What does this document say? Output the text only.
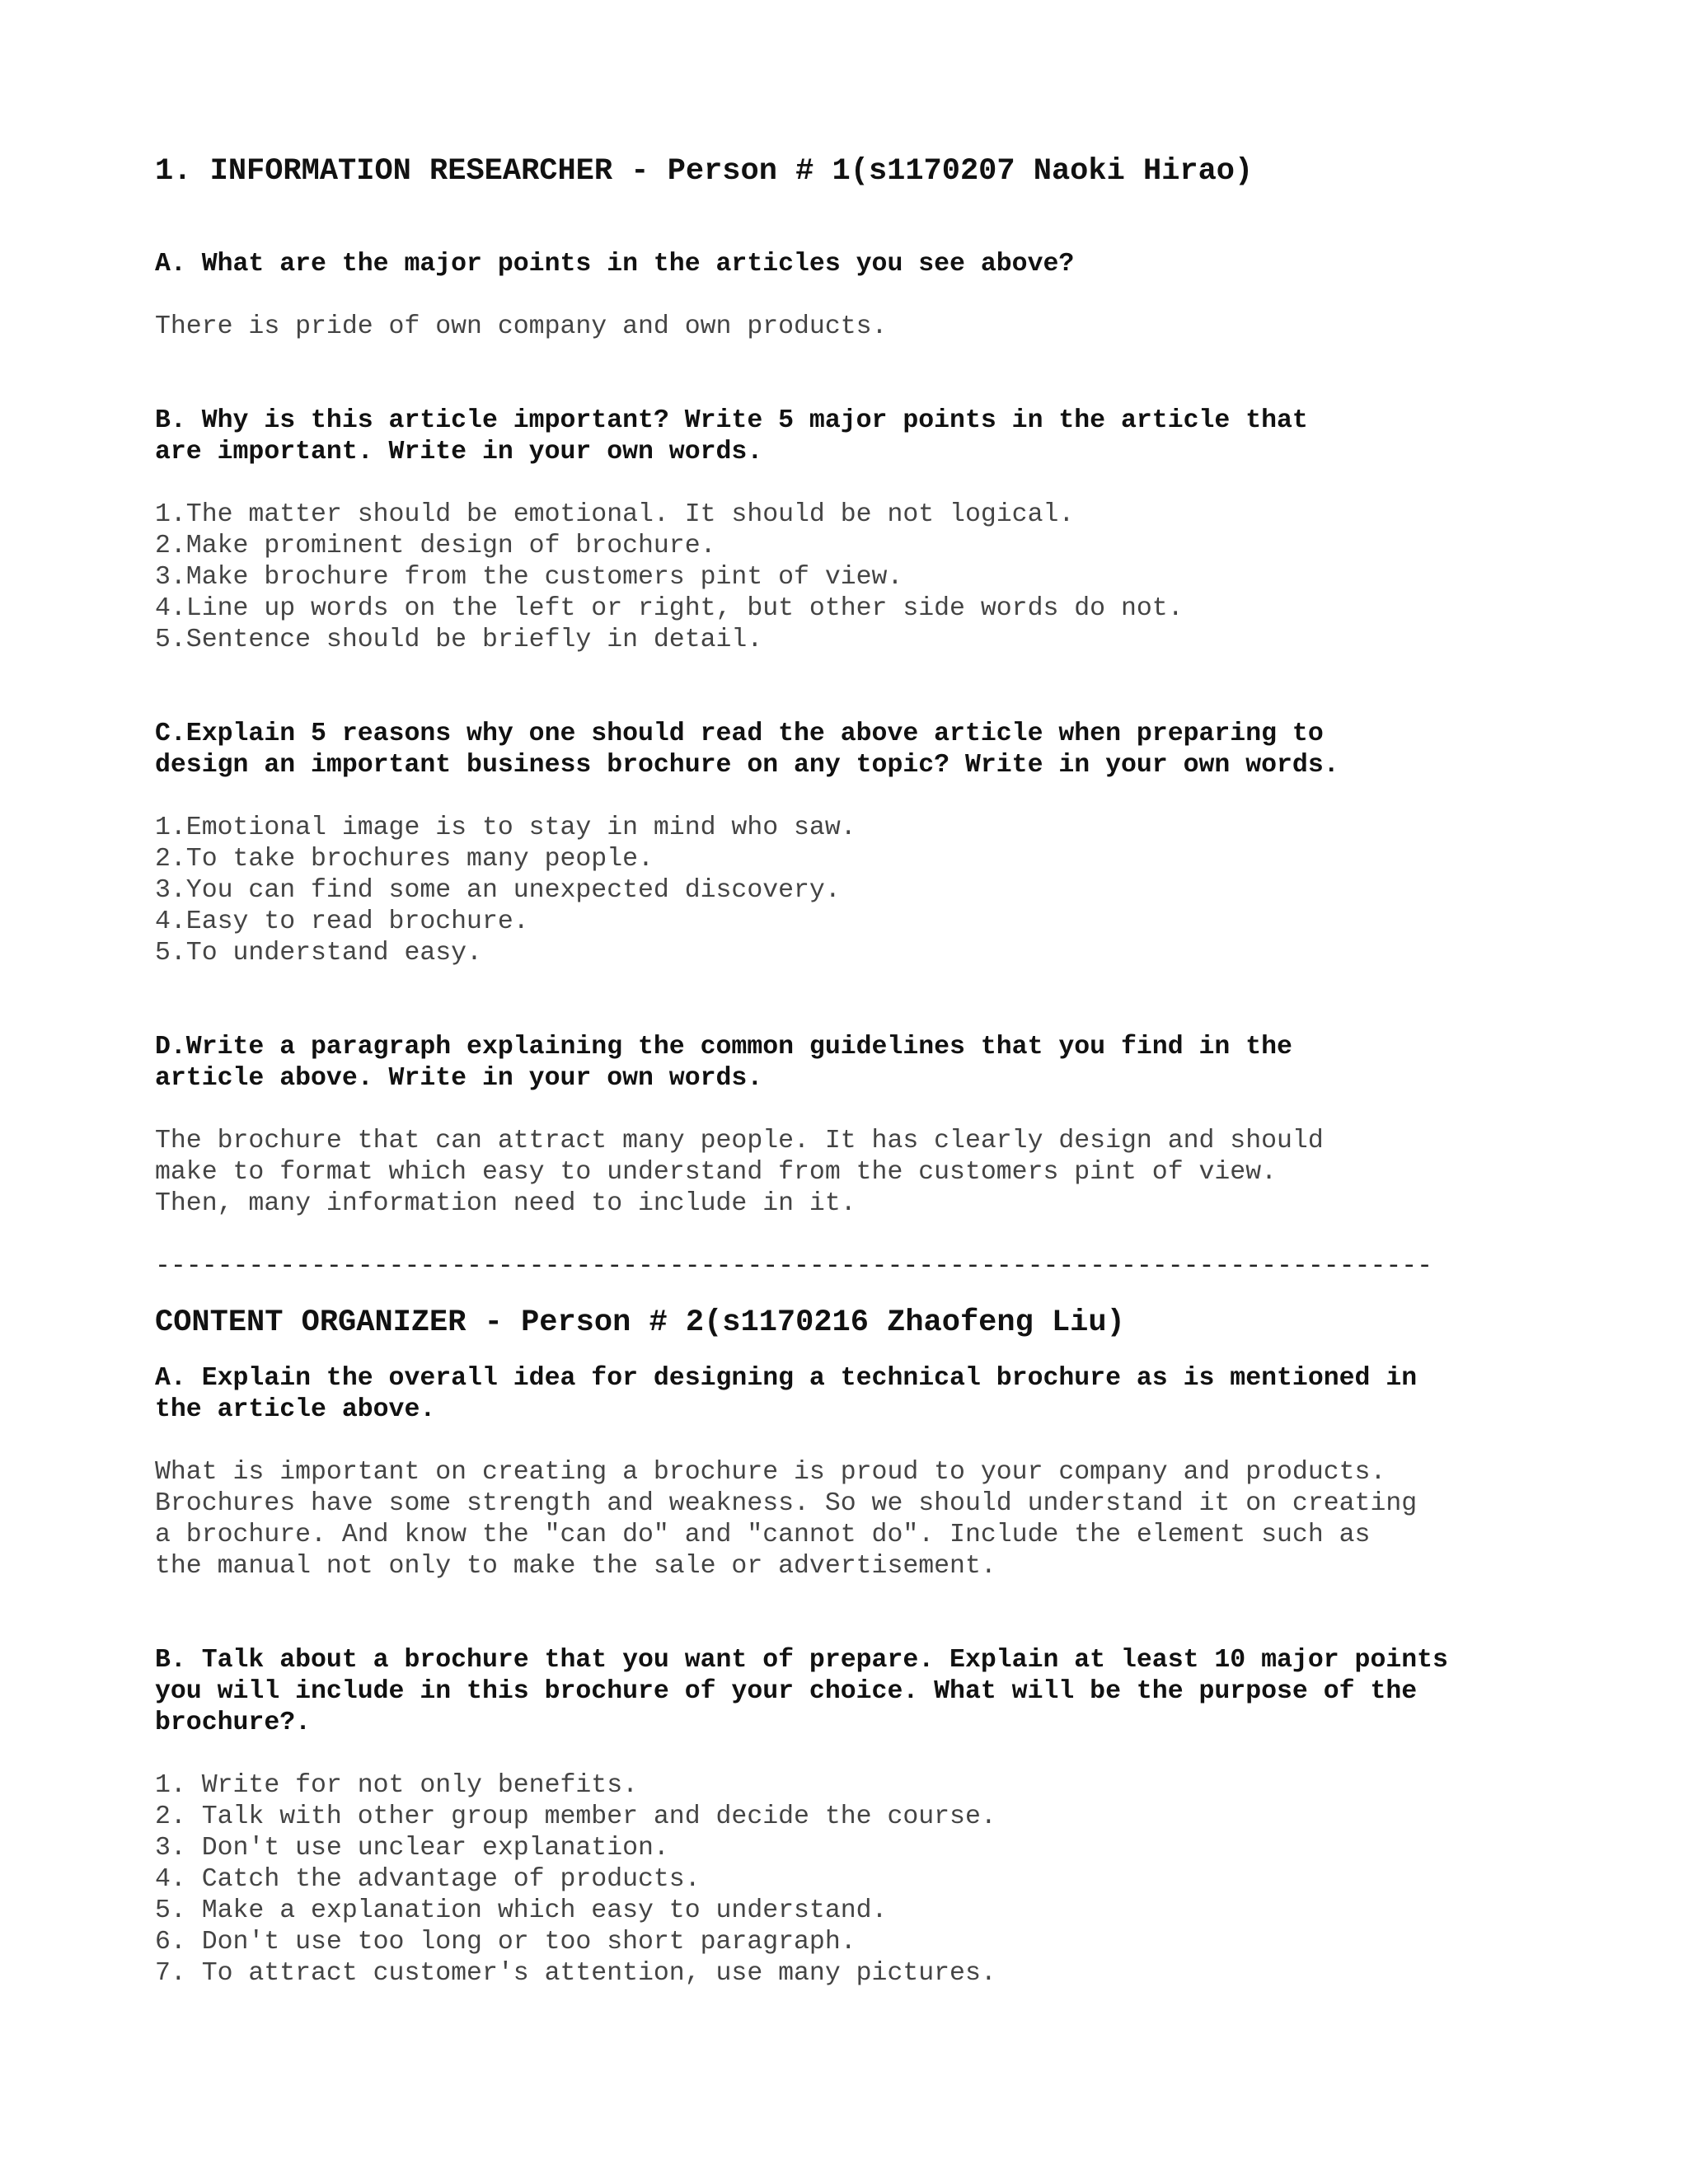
1. INFORMATION RESEARCHER - Person # 1(s1170207 Naoki Hirao)
A. What are the major points in the articles you see above?
There is pride of own company and own products.
B. Why is this article important? Write 5 major points in the article that
are important. Write in your own words.
1.The matter should be emotional. It should be not logical.
2.Make prominent design of brochure.
3.Make brochure from the customers pint of view.
4.Line up words on the left or right, but other side words do not.
5.Sentence should be briefly in detail.
C.Explain 5 reasons why one should read the above article when preparing to
design an important business brochure on any topic? Write in your own words.
1.Emotional image is to stay in mind who saw.
2.To take brochures many people.
3.You can find some an unexpected discovery.
4.Easy to read brochure.
5.To understand easy.
D.Write a paragraph explaining the common guidelines that you find in the
article above. Write in your own words.
The brochure that can attract many people. It has clearly design and should
make to format which easy to understand from the customers pint of view.
Then, many information need to include in it.
----------------------------------------------------------------------------------
CONTENT ORGANIZER - Person # 2(s1170216 Zhaofeng Liu)
A. Explain the overall idea for designing a technical brochure as is mentioned in
the article above.
What is important on creating a brochure is proud to your company and products.
Brochures have some strength and weakness. So we should understand it on creating
a brochure. And know the "can do" and "cannot do". Include the element such as
the manual not only to make the sale or advertisement.
B. Talk about a brochure that you want of prepare. Explain at least 10 major points
you will include in this brochure of your choice. What will be the purpose of the
brochure?.
1. Write for not only benefits.
2. Talk with other group member and decide the course.
3. Don't use unclear explanation.
4. Catch the advantage of products.
5. Make a explanation which easy to understand.
6. Don't use too long or too short paragraph.
7. To attract customer's attention, use many pictures.
